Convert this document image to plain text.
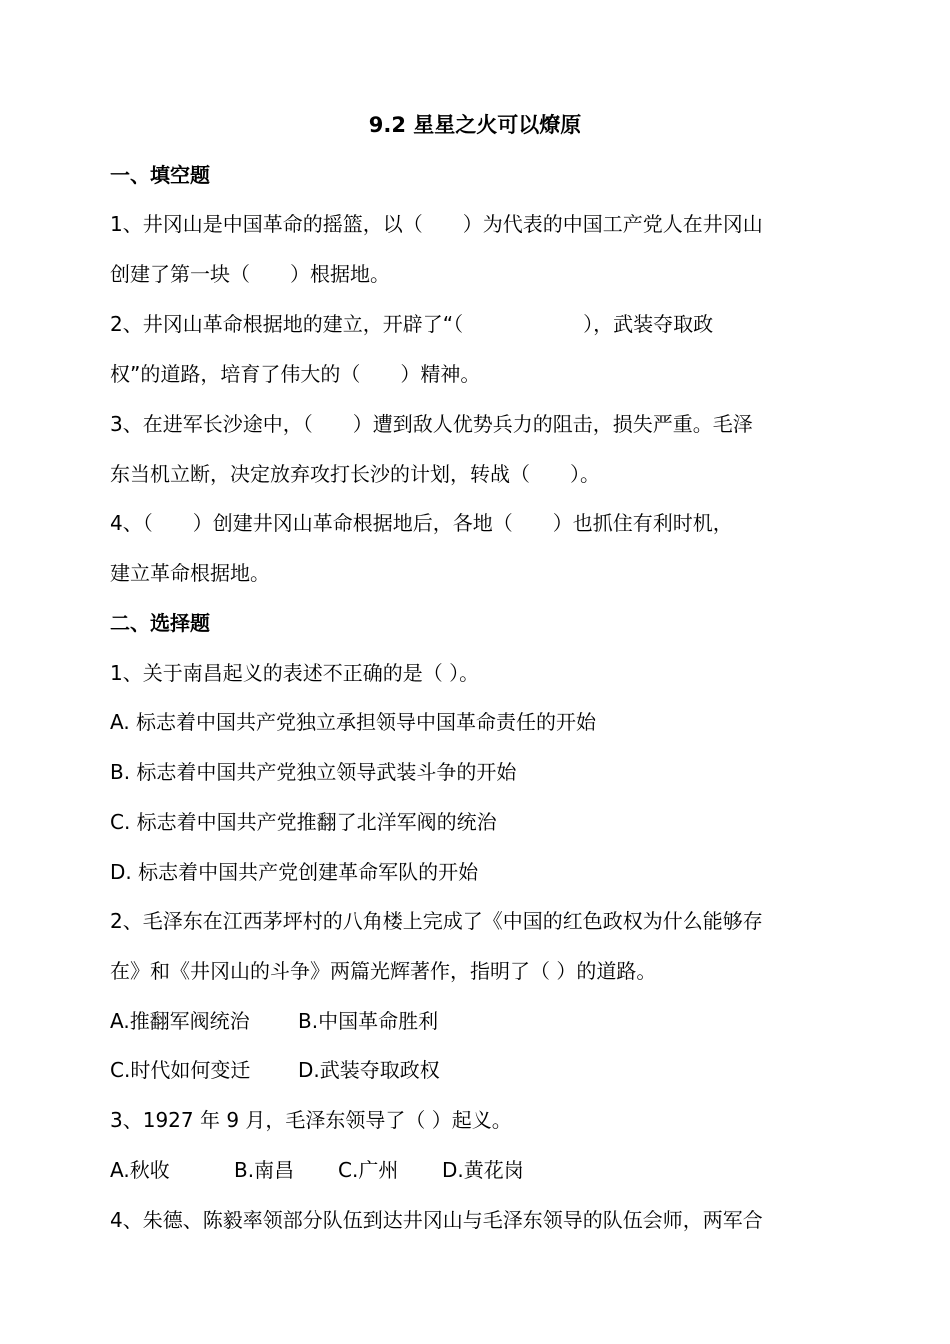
9.2 星星之火可以燎原
一、填空题
1、井冈山是中国革命的摇篮，以（　　）为代表的中国工产党人在井冈山
创建了第一块（　　）根据地。
2、井冈山革命根据地的建立，开辟了“（　　　　　　），武装夺取政
权”的道路，培育了伟大的（　　）精神。
3、在进军长沙途中，（　　）遭到敌人优势兵力的阻击，损失严重。毛泽
东当机立断，决定放弃攻打长沙的计划，转战（　　）。
4、（　　）创建井冈山革命根据地后，各地（　　）也抓住有利时机，
建立革命根据地。
二、选择题
1、关于南昌起义的表述不正确的是（ ）。
A. 标志着中国共产党独立承担领导中国革命责任的开始
B. 标志着中国共产党独立领导武装斗争的开始
C. 标志着中国共产党推翻了北洋军阀的统治
D. 标志着中国共产党创建革命军队的开始
2、毛泽东在江西茅坪村的八角楼上完成了《中国的红色政权为什么能够存
在》和《井冈山的斗争》两篇光辉著作，指明了（ ）的道路。
A.推翻军阀统治 B.中国革命胜利
C.时代如何变迁 D.武装夺取政权
3、1927 年 9 月，毛泽东领导了（ ）起义。
A.秋收	B.南昌 C.广州 D.黄花岗
4、朱德、陈毅率领部分队伍到达井冈山与毛泽东领导的队伍会师，两军合
